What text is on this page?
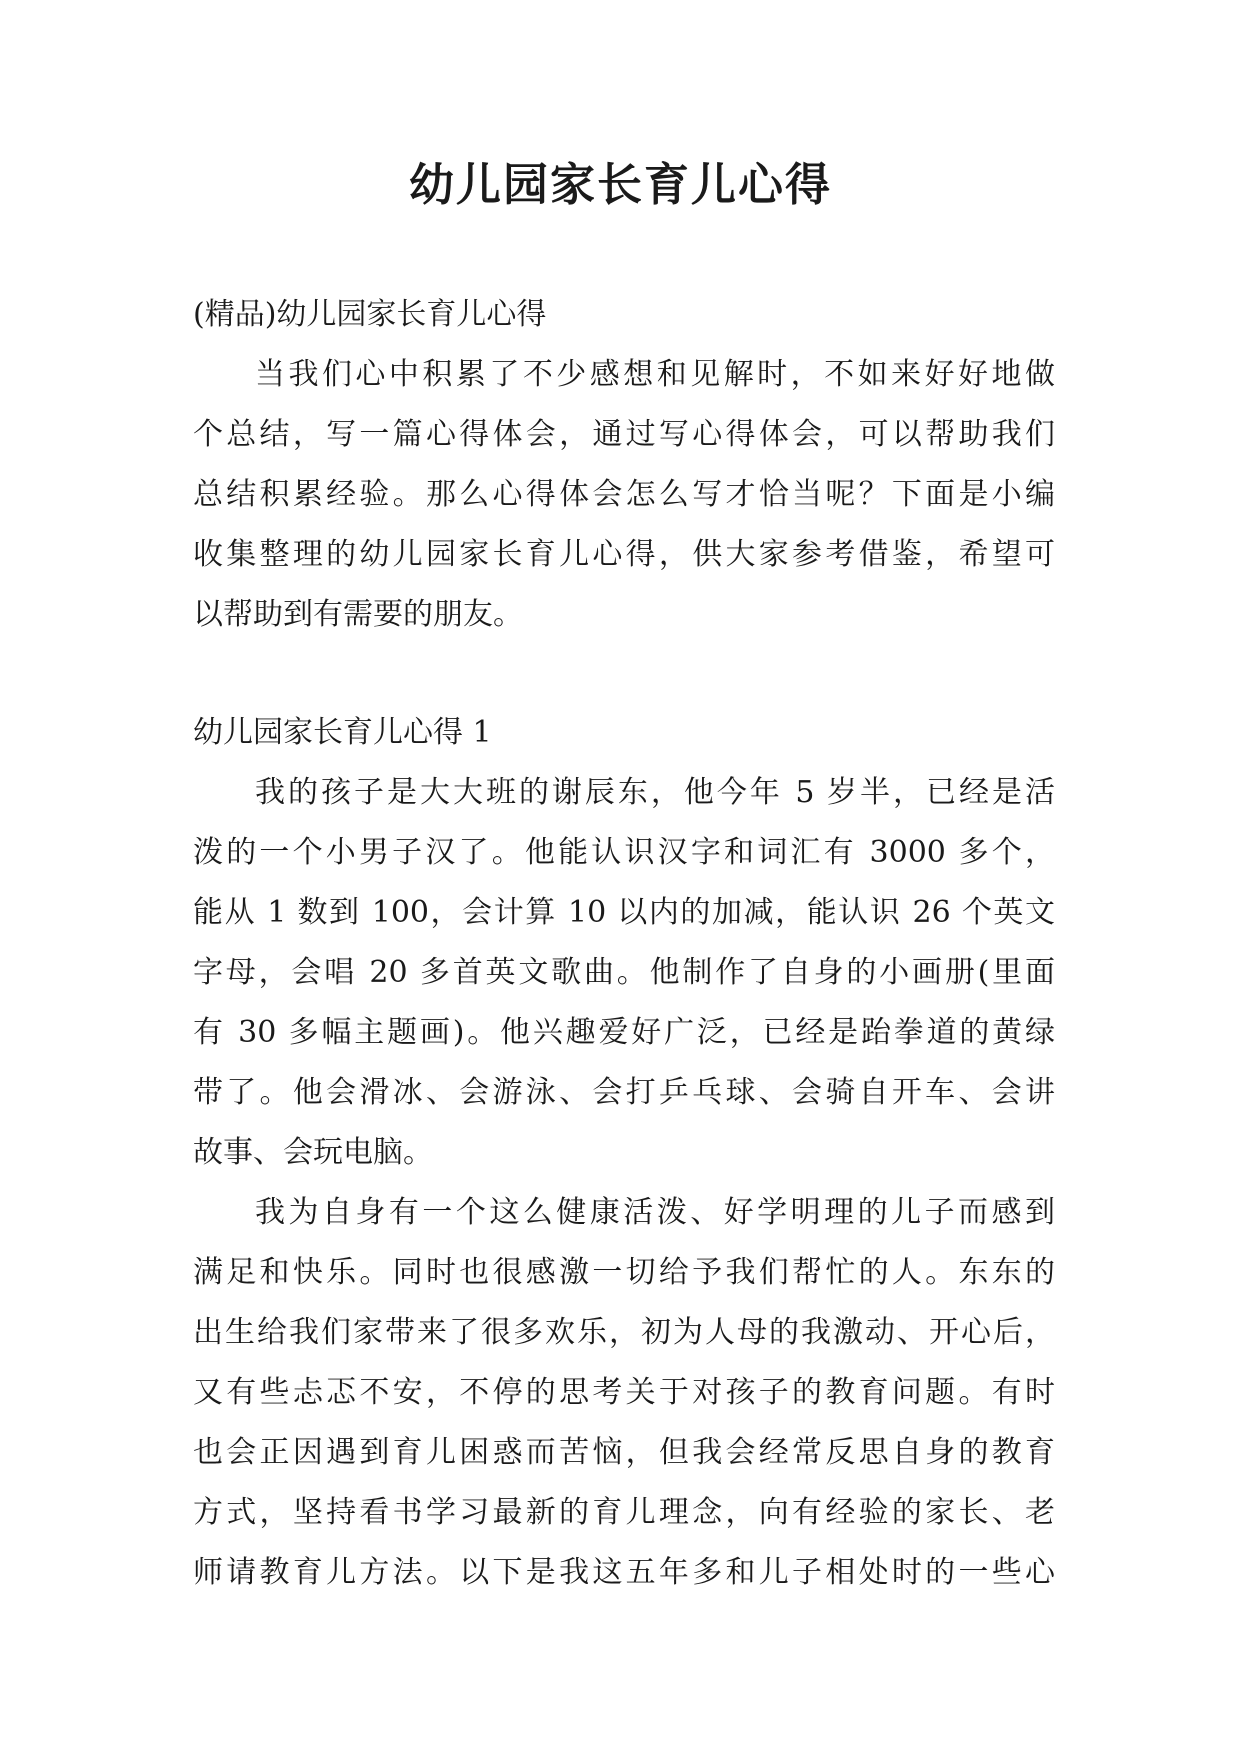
幼儿园家长育儿心得
(精品)幼儿园家长育儿心得
当我们心中积累了不少感想和见解时，不如来好好地做
个总结，写一篇心得体会，通过写心得体会，可以帮助我们
总结积累经验。那么心得体会怎么写才恰当呢？下面是小编
收集整理的幼儿园家长育儿心得，供大家参考借鉴，希望可
以帮助到有需要的朋友。
幼儿园家长育儿心得 1
我的孩子是大大班的谢辰东，他今年 5 岁半，已经是活
泼的一个小男子汉了。他能认识汉字和词汇有 3000 多个，
能从 1 数到 100，会计算 10 以内的加减，能认识 26 个英文
字母，会唱 20 多首英文歌曲。他制作了自身的小画册(里面
有 30 多幅主题画)。他兴趣爱好广泛，已经是跆拳道的黄绿
带了。他会滑冰、会游泳、会打乒乓球、会骑自开车、会讲
故事、会玩电脑。
我为自身有一个这么健康活泼、好学明理的儿子而感到
满足和快乐。同时也很感激一切给予我们帮忙的人。东东的
出生给我们家带来了很多欢乐，初为人母的我激动、开心后，
又有些忐忑不安，不停的思考关于对孩子的教育问题。有时
也会正因遇到育儿困惑而苦恼，但我会经常反思自身的教育
方式，坚持看书学习最新的育儿理念，向有经验的家长、老
师请教育儿方法。以下是我这五年多和儿子相处时的一些心
